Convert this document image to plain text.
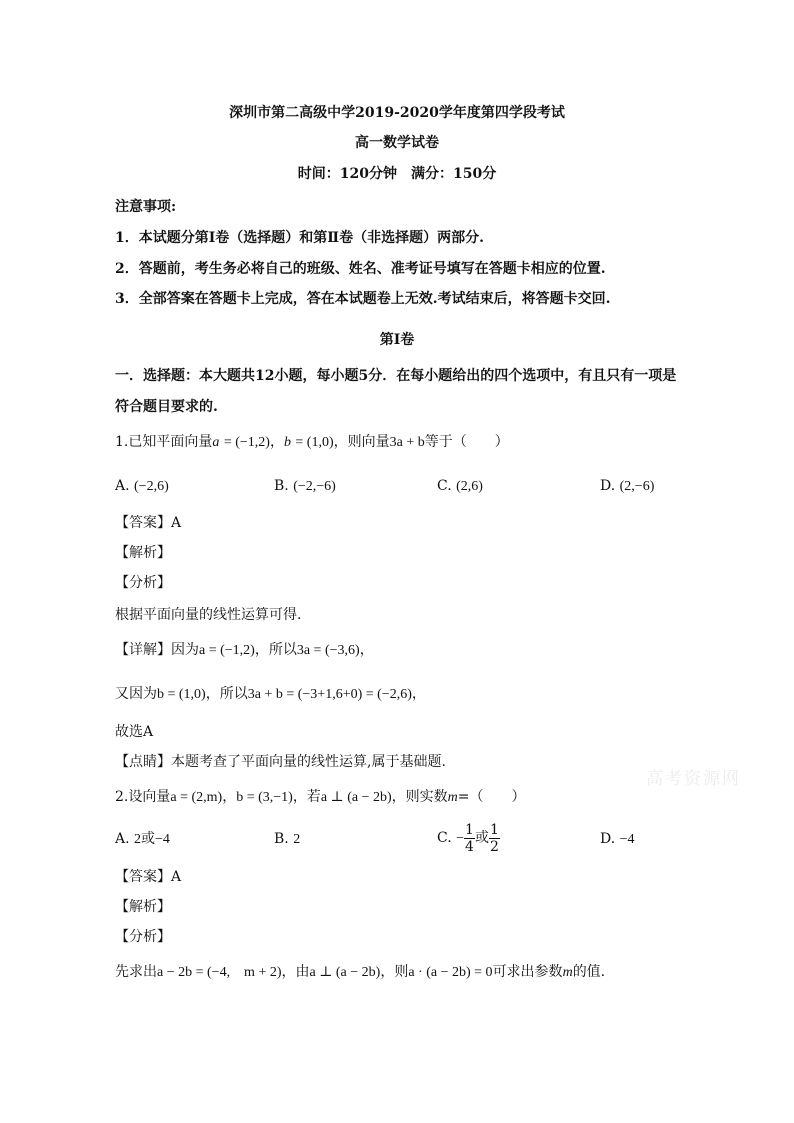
深圳市第二高级中学2019-2020学年度第四学段考试
高一数学试卷
时间：120分钟　满分：150分
注意事项:
1．本试题分第Ⅰ卷（选择题）和第Ⅱ卷（非选择题）两部分.
2．答题前，考生务必将自己的班级、姓名、准考证号填写在答题卡相应的位置.
3．全部答案在答题卡上完成，答在本试题卷上无效.考试结束后，将答题卡交回.
第Ⅰ卷
一．选择题：本大题共12小题，每小题5分．在每小题给出的四个选项中，有且只有一项是
符合题目要求的.
1.已知平面向量a = (−1,2)，b = (1,0)，则向量3a + b等于（　　）
A. (−2,6)	B. (−2,−6)	C. (2,6)	D. (2,−6)
【答案】A
【解析】
【分析】
根据平面向量的线性运算可得.
【详解】因为a = (−1,2)，所以3a = (−3,6)，
又因为b = (1,0)，所以3a + b = (−3+1,6+0) = (−2,6)，
故选A
【点睛】本题考查了平面向量的线性运算,属于基础题.
2.设向量a = (2,m)，b = (3,−1)，若a ⊥ (a − 2b)，则实数m=（　　）
A. 2或−4	B. 2	C. − $\frac{1}{4}$ 或 $\frac{1}{2}$	D. −4
【答案】A
【解析】
【分析】
先求出a − 2b = (−4,　m + 2)，由a ⊥ (a − 2b)，则a · (a − 2b) = 0可求出参数m的值.
高考资源网
